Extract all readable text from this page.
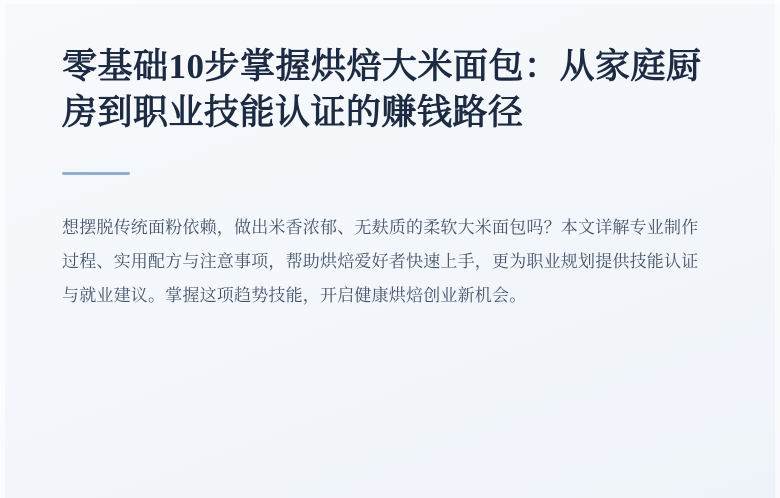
零基础10步掌握烘焙大米面包：从家庭厨房到职业技能认证的赚钱路径

想摆脱传统面粉依赖，做出米香浓郁、无麸质的柔软大米面包吗？本文详解专业制作过程、实用配方与注意事项，帮助烘焙爱好者快速上手，更为职业规划提供技能认证与就业建议。掌握这项趋势技能，开启健康烘焙创业新机会。
